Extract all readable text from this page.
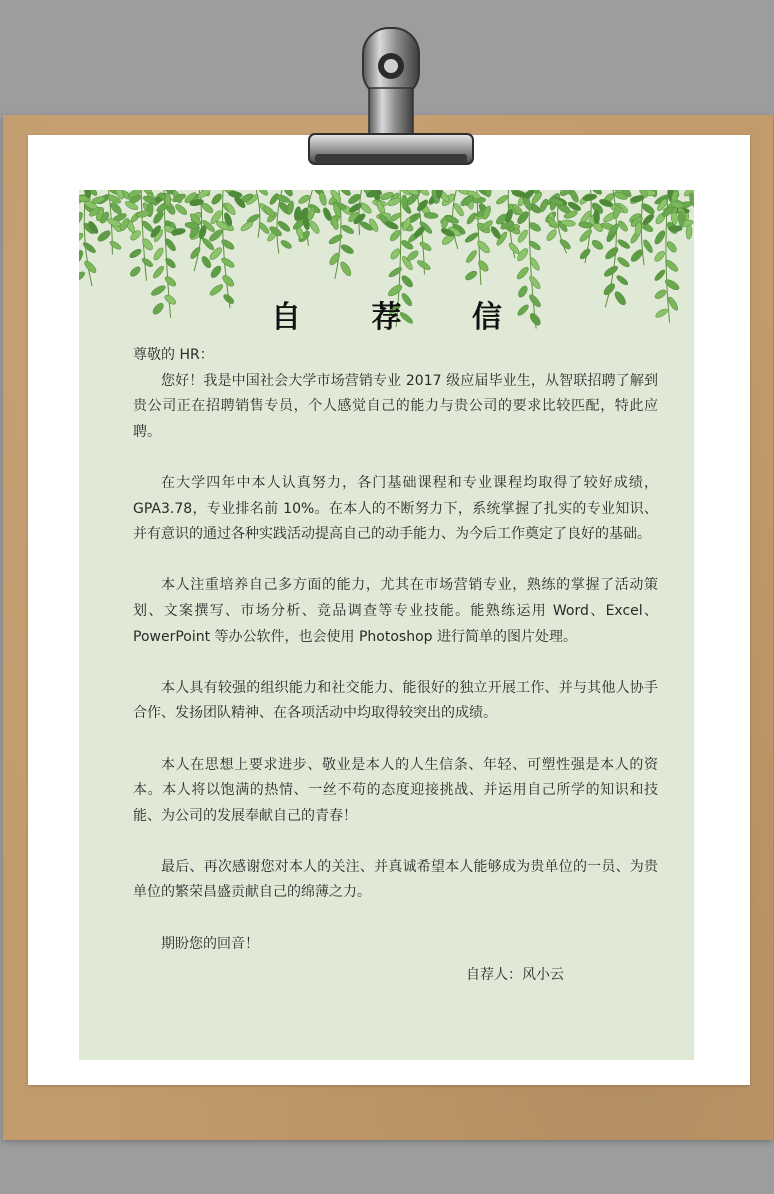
自 荐 信

尊敬的 HR：

您好！我是中国社会大学市场营销专业 2017 级应届毕业生，从智联招聘了解到贵公司正在招聘销售专员，个人感觉自己的能力与贵公司的要求比较匹配，特此应聘。

在大学四年中本人认真努力，各门基础课程和专业课程均取得了较好成绩，GPA3.78，专业排名前 10%。在本人的不断努力下，系统掌握了扎实的专业知识、并有意识的通过各种实践活动提高自己的动手能力、为今后工作奠定了良好的基础。

本人注重培养自己多方面的能力，尤其在市场营销专业，熟练的掌握了活动策划、文案撰写、市场分析、竞品调查等专业技能。能熟练运用 Word、Excel、PowerPoint 等办公软件，也会使用 Photoshop 进行简单的图片处理。

本人具有较强的组织能力和社交能力、能很好的独立开展工作、并与其他人协手合作、发扬团队精神、在各项活动中均取得较突出的成绩。

本人在思想上要求进步、敬业是本人的人生信条、年轻、可塑性强是本人的资本。本人将以饱满的热情、一丝不苟的态度迎接挑战、并运用自己所学的知识和技能、为公司的发展奉献自己的青春！

最后、再次感谢您对本人的关注、并真诚希望本人能够成为贵单位的一员、为贵单位的繁荣昌盛贡献自己的绵薄之力。

期盼您的回音！

自荐人：风小云
